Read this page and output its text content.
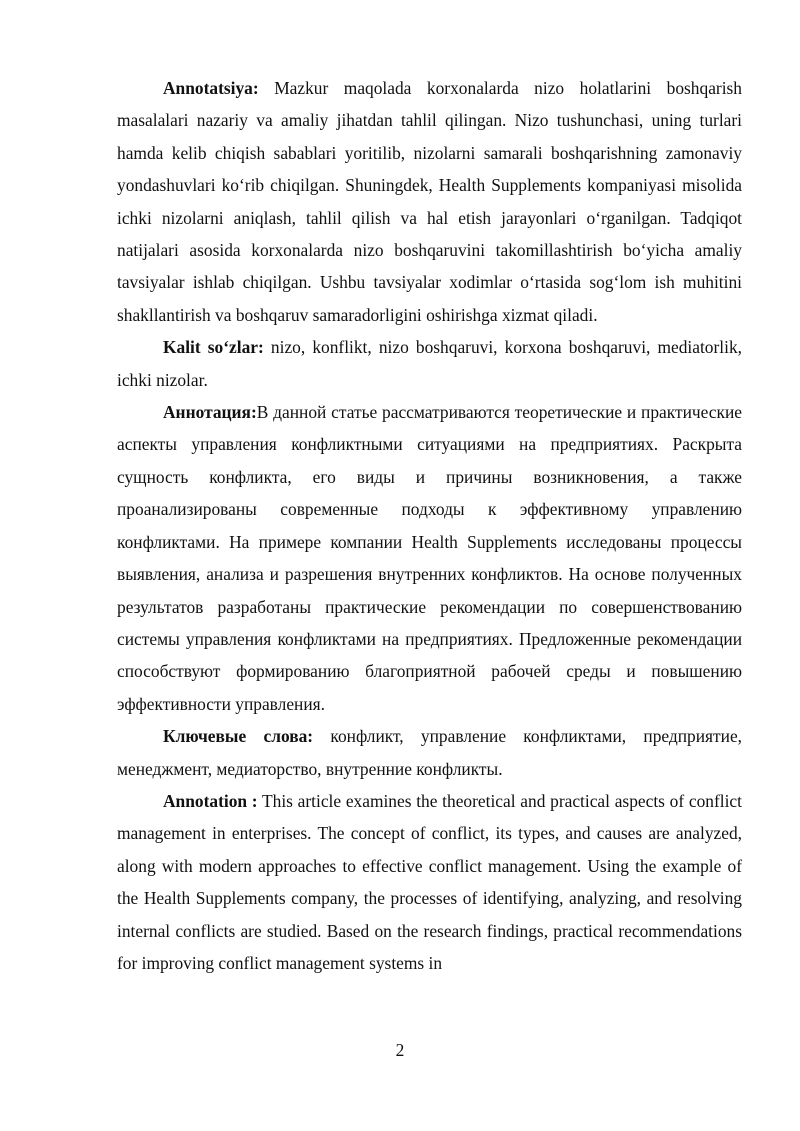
Annotatsiya: Mazkur maqolada korxonalarda nizo holatlarini boshqarish masalalari nazariy va amaliy jihatdan tahlil qilingan. Nizo tushunchasi, uning turlari hamda kelib chiqish sabablari yoritilib, nizolarni samarali boshqarishning zamonaviy yondashuvlari ko‘rib chiqilgan. Shuningdek, Health Supplements kompaniyasi misolida ichki nizolarni aniqlash, tahlil qilish va hal etish jarayonlari o‘rganilgan. Tadqiqot natijalari asosida korxonalarda nizo boshqaruvini takomillashtirish bo‘yicha amaliy tavsiyalar ishlab chiqilgan. Ushbu tavsiyalar xodimlar o‘rtasida sog‘lom ish muhitini shakllantirish va boshqaruv samaradorligini oshirishga xizmat qiladi.

Kalit so‘zlar: nizo, konflikt, nizo boshqaruvi, korxona boshqaruvi, mediatorlik, ichki nizolar.

Аннотация:В данной статье рассматриваются теоретические и практические аспекты управления конфликтными ситуациями на предприятиях. Раскрыта сущность конфликта, его виды и причины возникновения, а также проанализированы современные подходы к эффективному управлению конфликтами. На примере компании Health Supplements исследованы процессы выявления, анализа и разрешения внутренних конфликтов. На основе полученных результатов разработаны практические рекомендации по совершенствованию системы управления конфликтами на предприятиях. Предложенные рекомендации способствуют формированию благоприятной рабочей среды и повышению эффективности управления.

Ключевые слова: конфликт, управление конфликтами, предприятие, менеджмент, медиаторство, внутренние конфликты.

Annotation : This article examines the theoretical and practical aspects of conflict management in enterprises. The concept of conflict, its types, and causes are analyzed, along with modern approaches to effective conflict management. Using the example of the Health Supplements company, the processes of identifying, analyzing, and resolving internal conflicts are studied. Based on the research findings, practical recommendations for improving conflict management systems in

2
